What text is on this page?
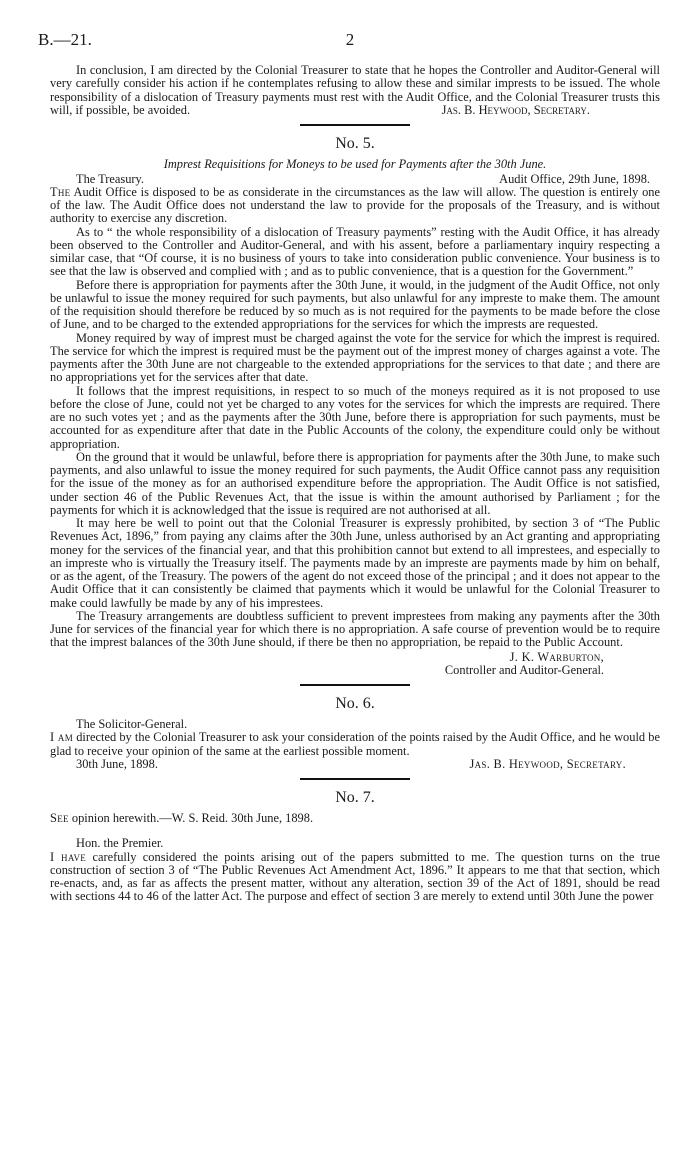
B.—21.	2

In conclusion, I am directed by the Colonial Treasurer to state that he hopes the Controller and Auditor-General will very carefully consider his action if he contemplates refusing to allow these and similar imprests to be issued. The whole responsibility of a dislocation of Treasury payments must rest with the Audit Office, and the Colonial Treasurer trusts this will, if possible, be avoided.	Jas. B. Heywood, Secretary.
No. 5.
Imprest Requisitions for Moneys to be used for Payments after the 30th June.
The Treasury.	Audit Office, 29th June, 1898.

The Audit Office is disposed to be as considerate in the circumstances as the law will allow. The question is entirely one of the law. The Audit Office does not understand the law to provide for the proposals of the Treasury, and is without authority to exercise any discretion.

As to “ the whole responsibility of a dislocation of Treasury payments” resting with the Audit Office, it has already been observed to the Controller and Auditor-General, and with his assent, before a parliamentary inquiry respecting a similar case, that “Of course, it is no business of yours to take into consideration public convenience. Your business is to see that the law is observed and complied with ; and as to public convenience, that is a question for the Government.”

Before there is appropriation for payments after the 30th June, it would, in the judgment of the Audit Office, not only be unlawful to issue the money required for such payments, but also unlawful for any impreste to make them. The amount of the requisition should therefore be reduced by so much as is not required for the payments to be made before the close of June, and to be charged to the extended appropriations for the services for which the imprests are requested.

Money required by way of imprest must be charged against the vote for the service for which the imprest is required. The service for which the imprest is required must be the payment out of the imprest money of charges against a vote. The payments after the 30th June are not chargeable to the extended appropriations for the services to that date ; and there are no appropriations yet for the services after that date.

It follows that the imprest requisitions, in respect to so much of the moneys required as it is not proposed to use before the close of June, could not yet be charged to any votes for the services for which the imprests are required. There are no such votes yet ; and as the payments after the 30th June, before there is appropriation for such payments, must be accounted for as expenditure after that date in the Public Accounts of the colony, the expenditure could only be without appropriation.

On the ground that it would be unlawful, before there is appropriation for payments after the 30th June, to make such payments, and also unlawful to issue the money required for such payments, the Audit Office cannot pass any requisition for the issue of the money as for an authorised expenditure before the appropriation. The Audit Office is not satisfied, under section 46 of the Public Revenues Act, that the issue is within the amount authorised by Parliament ; for the payments for which it is acknowledged that the issue is required are not authorised at all.

It may here be well to point out that the Colonial Treasurer is expressly prohibited, by section 3 of “The Public Revenues Act, 1896,” from paying any claims after the 30th June, unless authorised by an Act granting and appropriating money for the services of the financial year, and that this prohibition cannot but extend to all imprestees, and especially to an impreste who is virtually the Treasury itself. The payments made by an impreste are payments made by him on behalf, or as the agent, of the Treasury. The powers of the agent do not exceed those of the principal ; and it does not appear to the Audit Office that it can consistently be claimed that payments which it would be unlawful for the Colonial Treasurer to make could lawfully be made by any of his imprestees.

The Treasury arrangements are doubtless sufficient to prevent imprestees from making any payments after the 30th June for services of the financial year for which there is no appropriation. A safe course of prevention would be to require that the imprest balances of the 30th June should, if there be then no appropriation, be repaid to the Public Account.

J. K. Warburton,
Controller and Auditor-General.
No. 6.

The Solicitor-General.

I am directed by the Colonial Treasurer to ask your consideration of the points raised by the Audit Office, and he would be glad to receive your opinion of the same at the earliest possible moment.

30th June, 1898.	Jas. B. Heywood, Secretary.
No. 7.

See opinion herewith.—W. S. Reid. 30th June, 1898.

Hon. the Premier.

I have carefully considered the points arising out of the papers submitted to me. The question turns on the true construction of section 3 of “The Public Revenues Act Amendment Act, 1896.” It appears to me that that section, which re-enacts, and, as far as affects the present matter, without any alteration, section 39 of the Act of 1891, should be read with sections 44 to 46 of the latter Act. The purpose and effect of section 3 are merely to extend until 30th June the power
